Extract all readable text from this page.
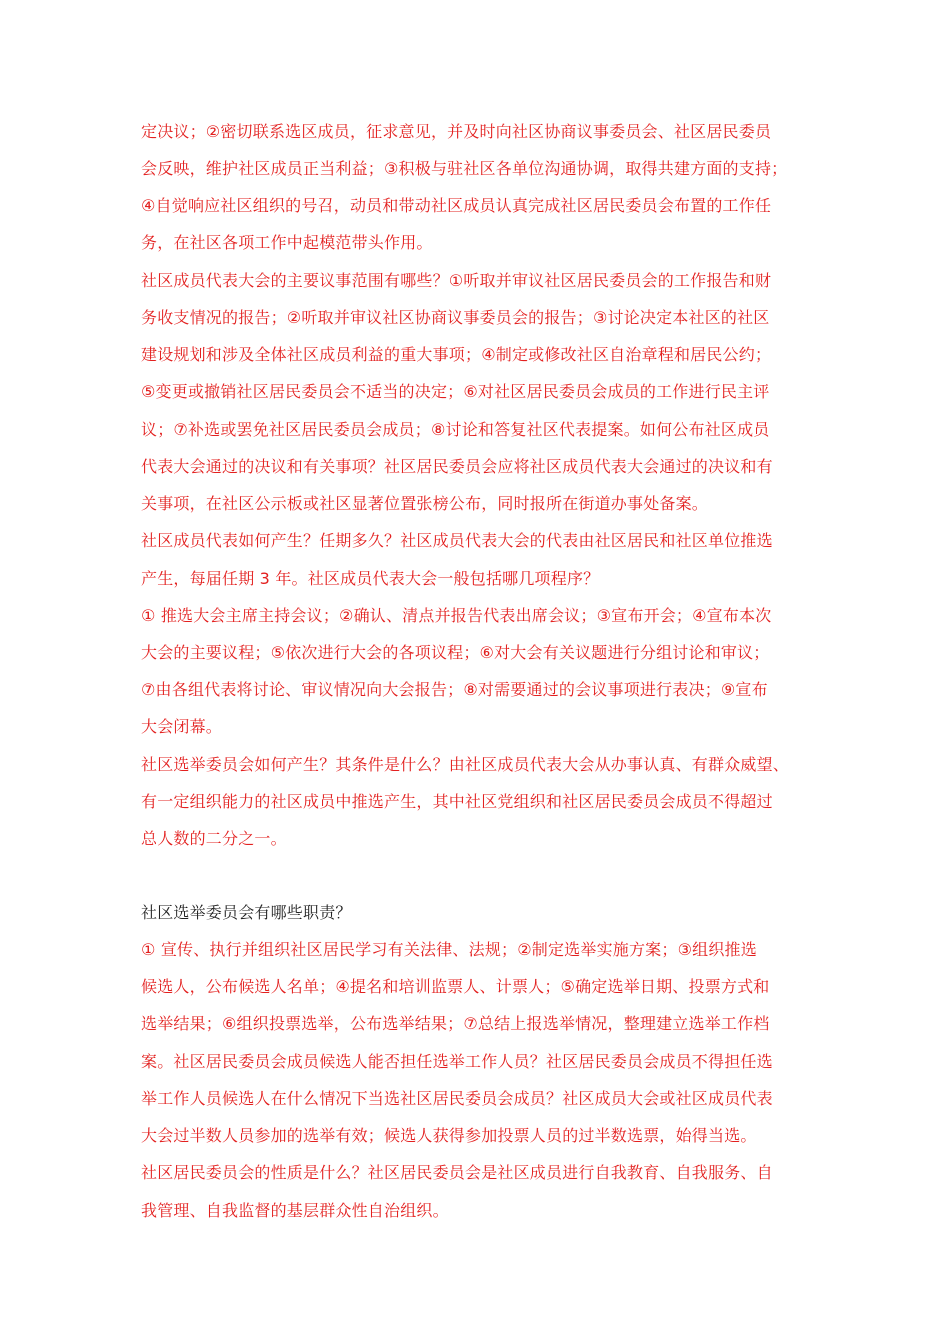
定决议；②密切联系选区成员，征求意见，并及时向社区协商议事委员会、社区居民委员
会反映，维护社区成员正当利益；③积极与驻社区各单位沟通协调，取得共建方面的支持；
④自觉响应社区组织的号召，动员和带动社区成员认真完成社区居民委员会布置的工作任
务，在社区各项工作中起模范带头作用。
社区成员代表大会的主要议事范围有哪些？①听取并审议社区居民委员会的工作报告和财
务收支情况的报告；②听取并审议社区协商议事委员会的报告；③讨论决定本社区的社区
建设规划和涉及全体社区成员利益的重大事项；④制定或修改社区自治章程和居民公约；
⑤变更或撤销社区居民委员会不适当的决定；⑥对社区居民委员会成员的工作进行民主评
议；⑦补选或罢免社区居民委员会成员；⑧讨论和答复社区代表提案。如何公布社区成员
代表大会通过的决议和有关事项？社区居民委员会应将社区成员代表大会通过的决议和有
关事项，在社区公示板或社区显著位置张榜公布，同时报所在街道办事处备案。
社区成员代表如何产生？任期多久？社区成员代表大会的代表由社区居民和社区单位推选
产生，每届任期 3 年。社区成员代表大会一般包括哪几项程序？
① 推选大会主席主持会议；②确认、清点并报告代表出席会议；③宣布开会；④宣布本次
大会的主要议程；⑤依次进行大会的各项议程；⑥对大会有关议题进行分组讨论和审议；
⑦由各组代表将讨论、审议情况向大会报告；⑧对需要通过的会议事项进行表决；⑨宣布
大会闭幕。
社区选举委员会如何产生？其条件是什么？由社区成员代表大会从办事认真、有群众威望、
有一定组织能力的社区成员中推选产生，其中社区党组织和社区居民委员会成员不得超过
总人数的二分之一。
社区选举委员会有哪些职责？
① 宣传、执行并组织社区居民学习有关法律、法规；②制定选举实施方案；③组织推选
候选人，公布候选人名单；④提名和培训监票人、计票人；⑤确定选举日期、投票方式和
选举结果；⑥组织投票选举，公布选举结果；⑦总结上报选举情况，整理建立选举工作档
案。社区居民委员会成员候选人能否担任选举工作人员？社区居民委员会成员不得担任选
举工作人员候选人在什么情况下当选社区居民委员会成员？社区成员大会或社区成员代表
大会过半数人员参加的选举有效；候选人获得参加投票人员的过半数选票，始得当选。
社区居民委员会的性质是什么？社区居民委员会是社区成员进行自我教育、自我服务、自
我管理、自我监督的基层群众性自治组织。
